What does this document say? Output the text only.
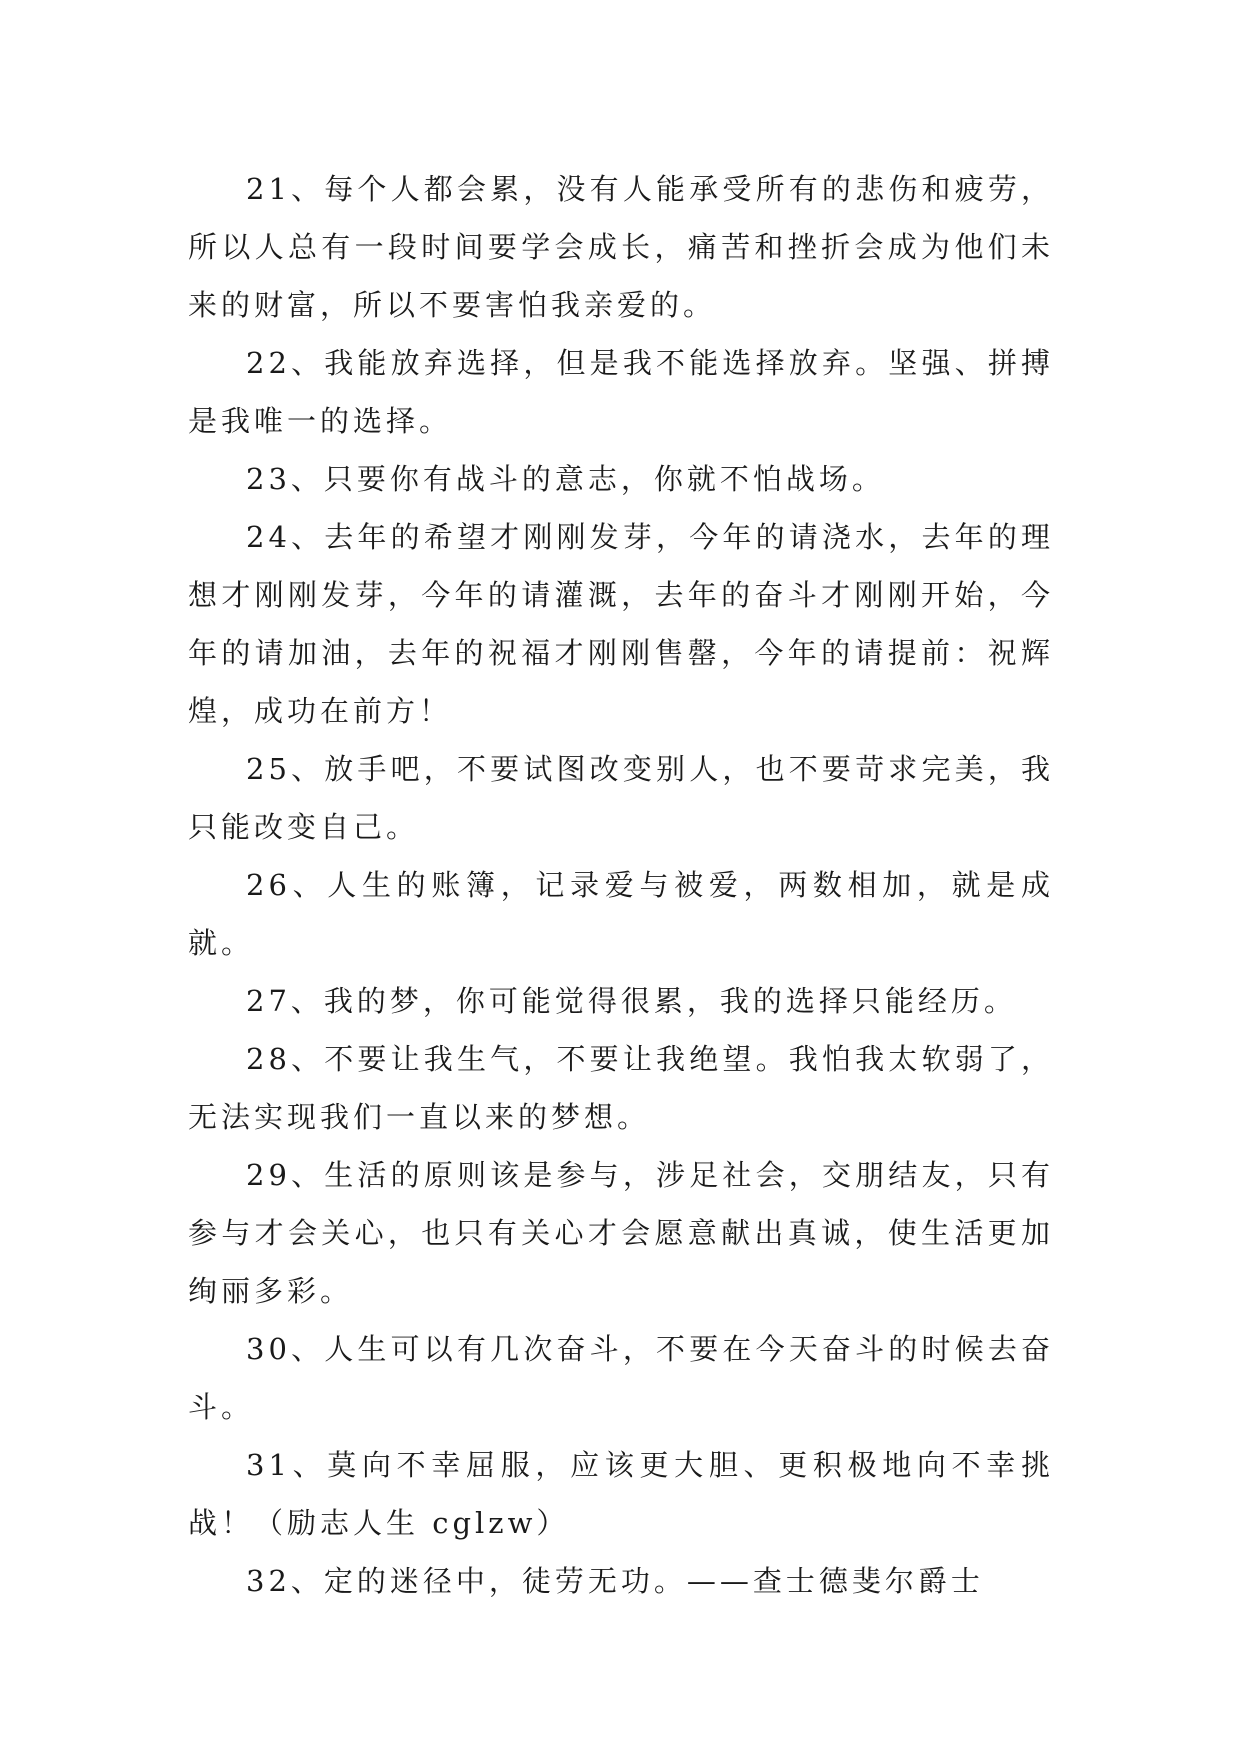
21、每个人都会累，没有人能承受所有的悲伤和疲劳，所以人总有一段时间要学会成长，痛苦和挫折会成为他们未来的财富，所以不要害怕我亲爱的。

22、我能放弃选择，但是我不能选择放弃。坚强、拼搏是我唯一的选择。

23、只要你有战斗的意志，你就不怕战场。

24、去年的希望才刚刚发芽，今年的请浇水，去年的理想才刚刚发芽，今年的请灌溉，去年的奋斗才刚刚开始，今年的请加油，去年的祝福才刚刚售罄，今年的请提前：祝辉煌，成功在前方！

25、放手吧，不要试图改变别人，也不要苛求完美，我只能改变自己。

26、人生的账簿，记录爱与被爱，两数相加，就是成就。

27、我的梦，你可能觉得很累，我的选择只能经历。

28、不要让我生气，不要让我绝望。我怕我太软弱了，无法实现我们一直以来的梦想。

29、生活的原则该是参与，涉足社会，交朋结友，只有参与才会关心，也只有关心才会愿意献出真诚，使生活更加绚丽多彩。

30、人生可以有几次奋斗，不要在今天奋斗的时候去奋斗。

31、莫向不幸屈服，应该更大胆、更积极地向不幸挑战！（励志人生 cglzw）

32、定的迷径中，徒劳无功。——查士德斐尔爵士
